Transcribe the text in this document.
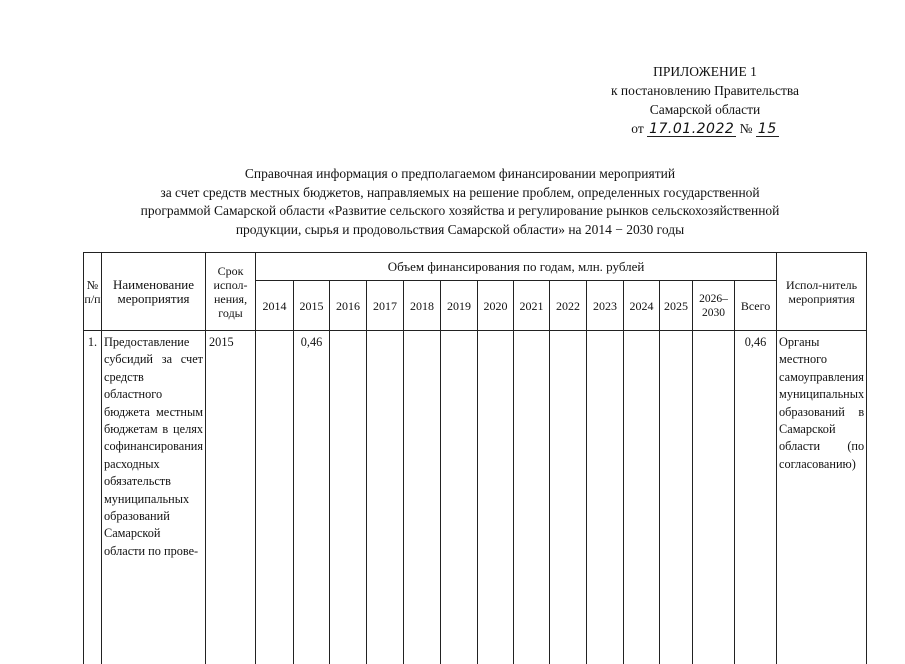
ПРИЛОЖЕНИЕ 1
к постановлению Правительства
Самарской области
от 17.01.2022 № 15
Справочная информация о предполагаемом финансировании мероприятий
за счет средств местных бюджетов, направляемых на решение проблем, определенных государственной
программой Самарской области «Развитие сельского хозяйства и регулирование рынков сельскохозяйственной
продукции, сырья и продовольствия Самарской области» на 2014 − 2030 годы
№ п/п	Наименование мероприятия	Срок испол-нения, годы	Объем финансирования по годам, млн. рублей														Испол-нитель мероприятия
			2014	2015	2016	2017	2018	2019	2020	2021	2022	2023	2024	2025	2026–2030	Всего	
1.	Предоставление субсидий за счет средств областного бюджета местным бюджетам в целях софинансирования расходных обязательств муниципальных образований Самарской области по прове-	2015		0,46												0,46	Органы местного самоуправления муниципальных образований в Самарской области (по согласованию)
